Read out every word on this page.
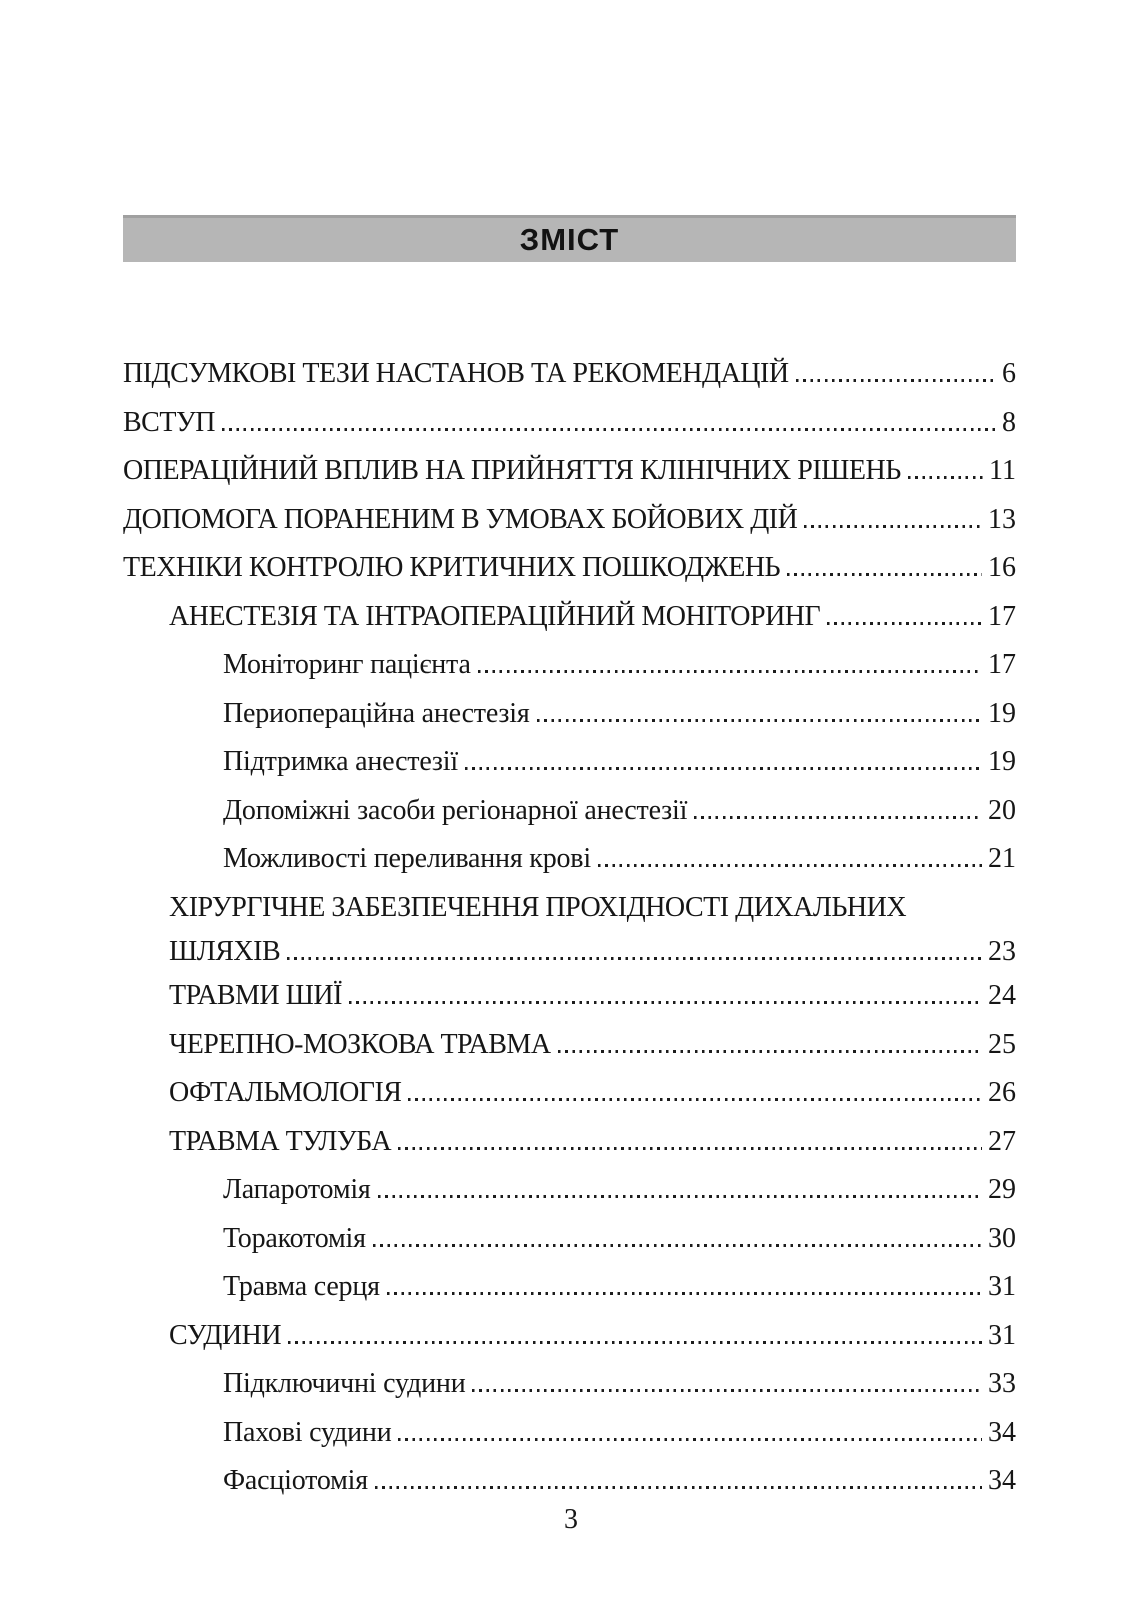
ЗМІСТ
ПІДСУМКОВІ ТЕЗИ НАСТАНОВ ТА РЕКОМЕНДАЦІЙ	6
ВСТУП	8
ОПЕРАЦІЙНИЙ ВПЛИВ НА ПРИЙНЯТТЯ КЛІНІЧНИХ РІШЕНЬ	11
ДОПОМОГА ПОРАНЕНИМ В УМОВАХ БОЙОВИХ ДІЙ	13
ТЕХНІКИ КОНТРОЛЮ КРИТИЧНИХ ПОШКОДЖЕНЬ	16
АНЕСТЕЗІЯ ТА ІНТРАОПЕРАЦІЙНИЙ МОНІТОРИНГ	17
Моніторинг пацієнта	17
Периопераційна анестезія	19
Підтримка анестезії	19
Допоміжні засоби регіонарної анестезії	20
Можливості переливання крові	21
ХІРУРГІЧНЕ ЗАБЕЗПЕЧЕННЯ ПРОХІДНОСТІ ДИХАЛЬНИХ
ШЛЯХІВ	23
ТРАВМИ ШИЇ	24
ЧЕРЕПНО-МОЗКОВА ТРАВМА	25
ОФТАЛЬМОЛОГІЯ	26
ТРАВМА ТУЛУБА	27
Лапаротомія	29
Торакотомія	30
Травма серця	31
СУДИНИ	31
Підключичні судини	33
Пахові судини	34
Фасціотомія	34
3
